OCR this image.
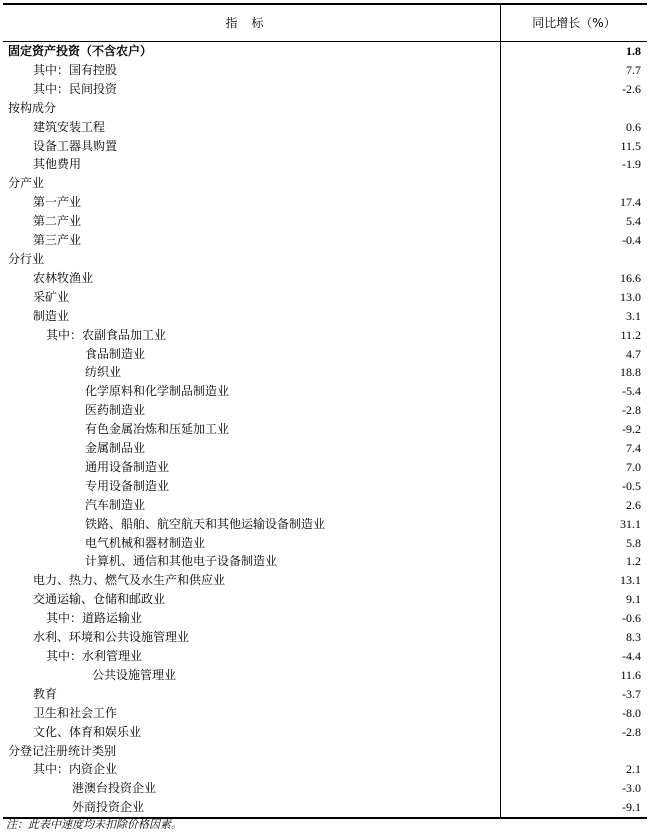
指标	同比增长（%）
固定资产投资（不含农户）	1.8
其中：国有控股	7.7
其中：民间投资	-2.6
按构成分
建筑安装工程	0.6
设备工器具购置	11.5
其他费用	-1.9
分产业
第一产业	17.4
第二产业	5.4
第三产业	-0.4
分行业
农林牧渔业	16.6
采矿业	13.0
制造业	3.1
其中：农副食品加工业	11.2
食品制造业	4.7
纺织业	18.8
化学原料和化学制品制造业	-5.4
医药制造业	-2.8
有色金属冶炼和压延加工业	-9.2
金属制品业	7.4
通用设备制造业	7.0
专用设备制造业	-0.5
汽车制造业	2.6
铁路、船舶、航空航天和其他运输设备制造业	31.1
电气机械和器材制造业	5.8
计算机、通信和其他电子设备制造业	1.2
电力、热力、燃气及水生产和供应业	13.1
交通运输、仓储和邮政业	9.1
其中：道路运输业	-0.6
水利、环境和公共设施管理业	8.3
其中：水利管理业	-4.4
公共设施管理业	11.6
教育	-3.7
卫生和社会工作	-8.0
文化、体育和娱乐业	-2.8
分登记注册统计类别
其中：内资企业	2.1
港澳台投资企业	-3.0
外商投资企业	-9.1
注：此表中速度均未扣除价格因素。
